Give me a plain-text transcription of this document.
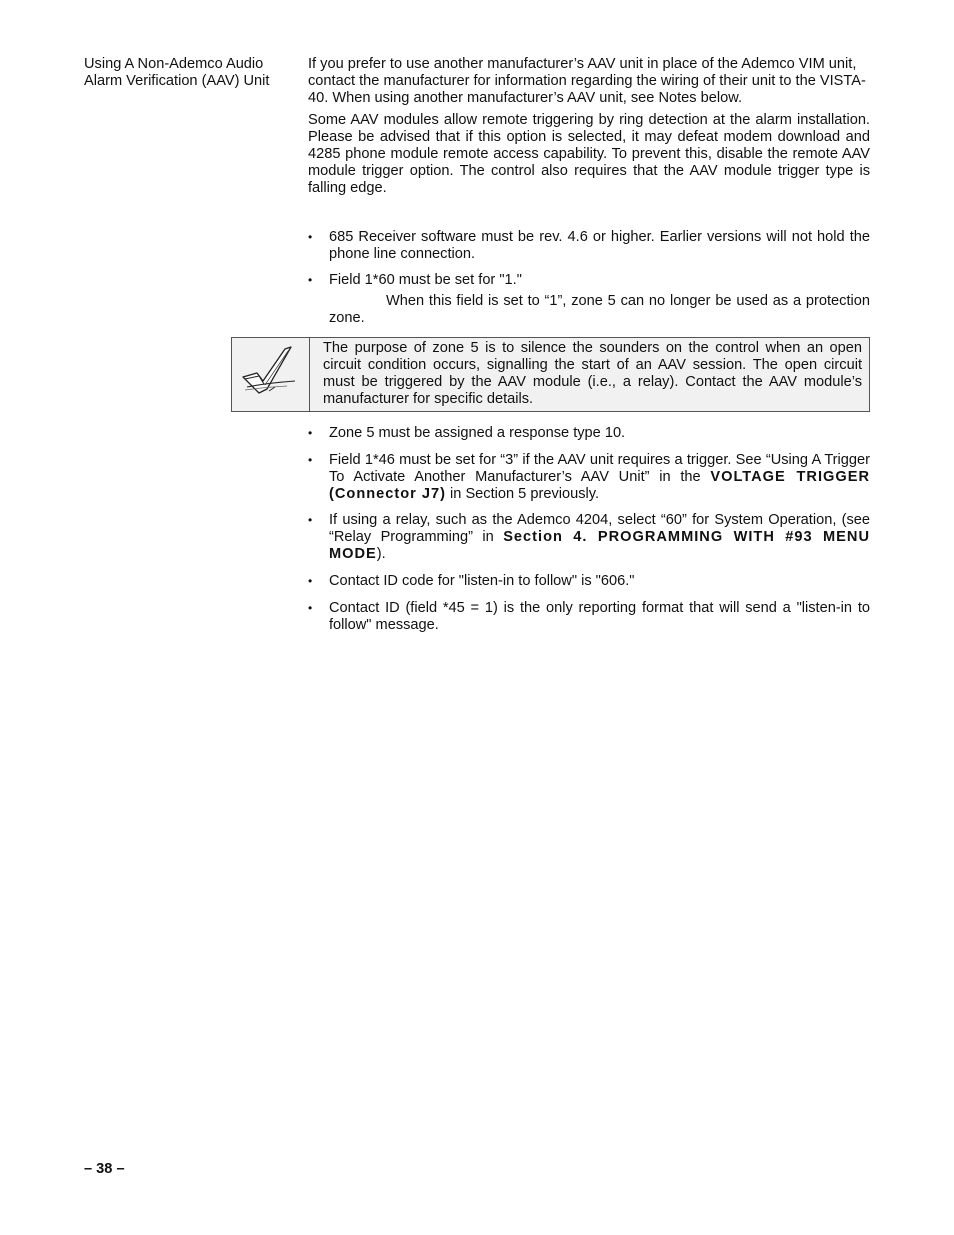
Using A Non-Ademco Audio Alarm Verification (AAV) Unit

If you prefer to use another manufacturer’s AAV unit in place of the Ademco VIM unit, contact the manufacturer for information regarding the wiring of their unit to the VISTA-40. When using another manufacturer’s AAV unit, see Notes below.

Some AAV modules allow remote triggering by ring detection at the alarm installation. Please be advised that if this option is selected, it may defeat modem download and 4285 phone module remote access capability. To prevent this, disable the remote AAV module trigger option. The control also requires that the AAV module trigger type is falling edge.

• 685 Receiver software must be rev. 4.6 or higher. Earlier versions will not hold the phone line connection.
• Field 1*60 must be set for "1."
When this field is set to “1”, zone 5 can no longer be used as a protection zone.
The purpose of zone 5 is to silence the sounders on the control when an open circuit condition occurs, signalling the start of an AAV session. The open circuit must be triggered by the AAV module (i.e., a relay). Contact the AAV module’s manufacturer for specific details.
• Zone 5 must be assigned a response type 10.
• Field 1*46 must be set for “3” if the AAV unit requires a trigger. See “Using A Trigger To Activate Another Manufacturer’s AAV Unit” in the VOLTAGE TRIGGER (Connector J7) in Section 5 previously.
• If using a relay, such as the Ademco 4204, select “60” for System Operation, (see “Relay Programming” in Section 4. PROGRAMMING WITH #93 MENU MODE).
• Contact ID code for "listen-in to follow" is "606."
• Contact ID (field *45 = 1) is the only reporting format that will send a "listen-in to follow" message.
– 38 –
